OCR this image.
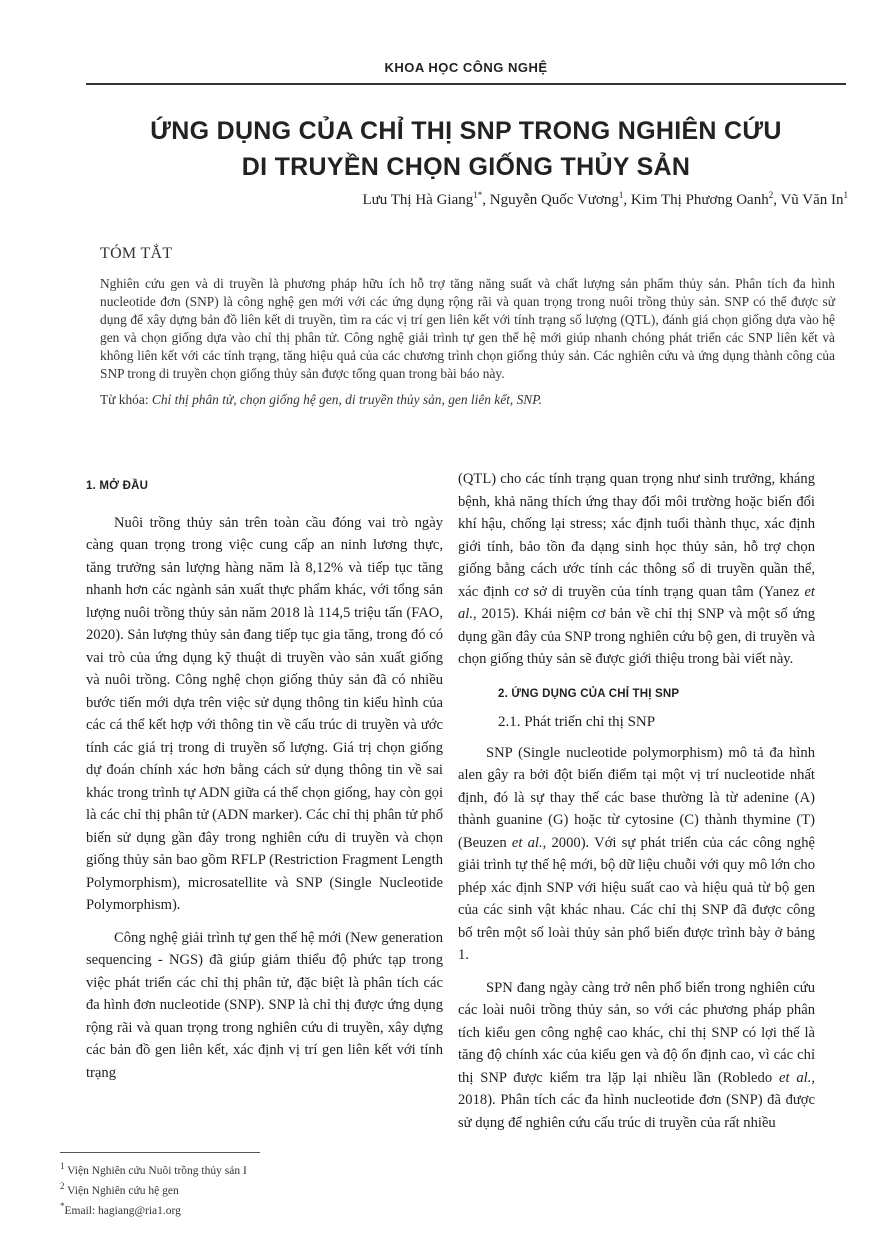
KHOA HỌC CÔNG NGHỆ
ỨNG DỤNG CỦA CHỈ THỊ SNP TRONG NGHIÊN CỨU
DI TRUYỀN CHỌN GIỐNG THỦY SẢN
Lưu Thị Hà Giang$^{1*}$, Nguyễn Quốc Vương$^1$, Kim Thị Phương Oanh$^2$, Vũ Văn In$^1$
TÓM TẮT

Nghiên cứu gen và di truyền là phương pháp hữu ích hỗ trợ tăng năng suất và chất lượng sản phẩm thủy sản. Phân tích đa hình nucleotide đơn (SNP) là công nghệ gen mới với các ứng dụng rộng rãi và quan trọng trong nuôi trồng thủy sản. SNP có thể được sử dụng để xây dựng bản đồ liên kết di truyền, tìm ra các vị trí gen liên kết với tính trạng số lượng (QTL), đánh giá chọn giống dựa vào hệ gen và chọn giống dựa vào chỉ thị phân tử. Công nghệ giải trình tự gen thế hệ mới giúp nhanh chóng phát triển các SNP liên kết và không liên kết với các tính trạng, tăng hiệu quả của các chương trình chọn giống thủy sản. Các nghiên cứu và ứng dụng thành công của SNP trong di truyền chọn giống thủy sản được tổng quan trong bài báo này.

Từ khóa: Chỉ thị phân tử, chọn giống hệ gen, di truyền thủy sản, gen liên kết, SNP.

1. MỞ ĐẦU

Nuôi trồng thủy sản trên toàn cầu đóng vai trò ngày càng quan trọng trong việc cung cấp an ninh lương thực, tăng trưởng sản lượng hàng năm là 8,12% và tiếp tục tăng nhanh hơn các ngành sản xuất thực phẩm khác, với tổng sản lượng nuôi trồng thủy sản năm 2018 là 114,5 triệu tấn (FAO, 2020). Sản lượng thủy sản đang tiếp tục gia tăng, trong đó có vai trò của ứng dụng kỹ thuật di truyền vào sản xuất giống và nuôi trồng. Công nghệ chọn giống thủy sản đã có nhiều bước tiến mới dựa trên việc sử dụng thông tin kiểu hình của các cá thể kết hợp với thông tin về cấu trúc di truyền và ước tính các giá trị trong di truyền số lượng. Giá trị chọn giống dự đoán chính xác hơn bằng cách sử dụng thông tin về sai khác trong trình tự ADN giữa cá thể chọn giống, hay còn gọi là các chỉ thị phân tử (ADN marker). Các chỉ thị phân tử phổ biến sử dụng gần đây trong nghiên cứu di truyền và chọn giống thủy sản bao gồm RFLP (Restriction Fragment Length Polymorphism), microsatellite và SNP (Single Nucleotide Polymorphism).

Công nghệ giải trình tự gen thế hệ mới (New generation sequencing - NGS) đã giúp giảm thiểu độ phức tạp trong việc phát triển các chỉ thị phân tử, đặc biệt là phân tích các đa hình đơn nucleotide (SNP). SNP là chỉ thị được ứng dụng rộng rãi và quan trọng trong nghiên cứu di truyền, xây dựng các bản đồ gen liên kết, xác định vị trí gen liên kết với tính trạng

(QTL) cho các tính trạng quan trọng như sinh trưởng, kháng bệnh, khả năng thích ứng thay đổi môi trường hoặc biến đổi khí hậu, chống lại stress; xác định tuổi thành thục, xác định giới tính, bảo tồn đa dạng sinh học thủy sản, hỗ trợ chọn giống bằng cách ước tính các thông số di truyền quần thể, xác định cơ sở di truyền của tính trạng quan tâm (Yanez et al., 2015). Khái niệm cơ bản về chỉ thị SNP và một số ứng dụng gần đây của SNP trong nghiên cứu bộ gen, di truyền và chọn giống thủy sản sẽ được giới thiệu trong bài viết này.

2. ỨNG DỤNG CỦA CHỈ THỊ SNP
2.1. Phát triển chỉ thị SNP

SNP (Single nucleotide polymorphism) mô tả đa hình alen gây ra bởi đột biến điểm tại một vị trí nucleotide nhất định, đó là sự thay thế các base thường là từ adenine (A) thành guanine (G) hoặc từ cytosine (C) thành thymine (T) (Beuzen et al., 2000). Với sự phát triển của các công nghệ giải trình tự thế hệ mới, bộ dữ liệu chuỗi với quy mô lớn cho phép xác định SNP với hiệu suất cao và hiệu quả từ bộ gen của các sinh vật khác nhau. Các chỉ thị SNP đã được công bố trên một số loài thủy sản phổ biến được trình bày ở bảng 1.

SPN đang ngày càng trở nên phổ biến trong nghiên cứu các loài nuôi trồng thủy sản, so với các phương pháp phân tích kiểu gen công nghệ cao khác, chỉ thị SNP có lợi thế là tăng độ chính xác của kiểu gen và độ ổn định cao, vì các chỉ thị SNP được kiểm tra lặp lại nhiều lần (Robledo et al., 2018). Phân tích các đa hình nucleotide đơn (SNP) đã được sử dụng để nghiên cứu cấu trúc di truyền của rất nhiều

$^1$ Viện Nghiên cứu Nuôi trồng thủy sản I
$^2$ Viện Nghiên cứu hệ gen
*Email: hagiang@ria1.org
